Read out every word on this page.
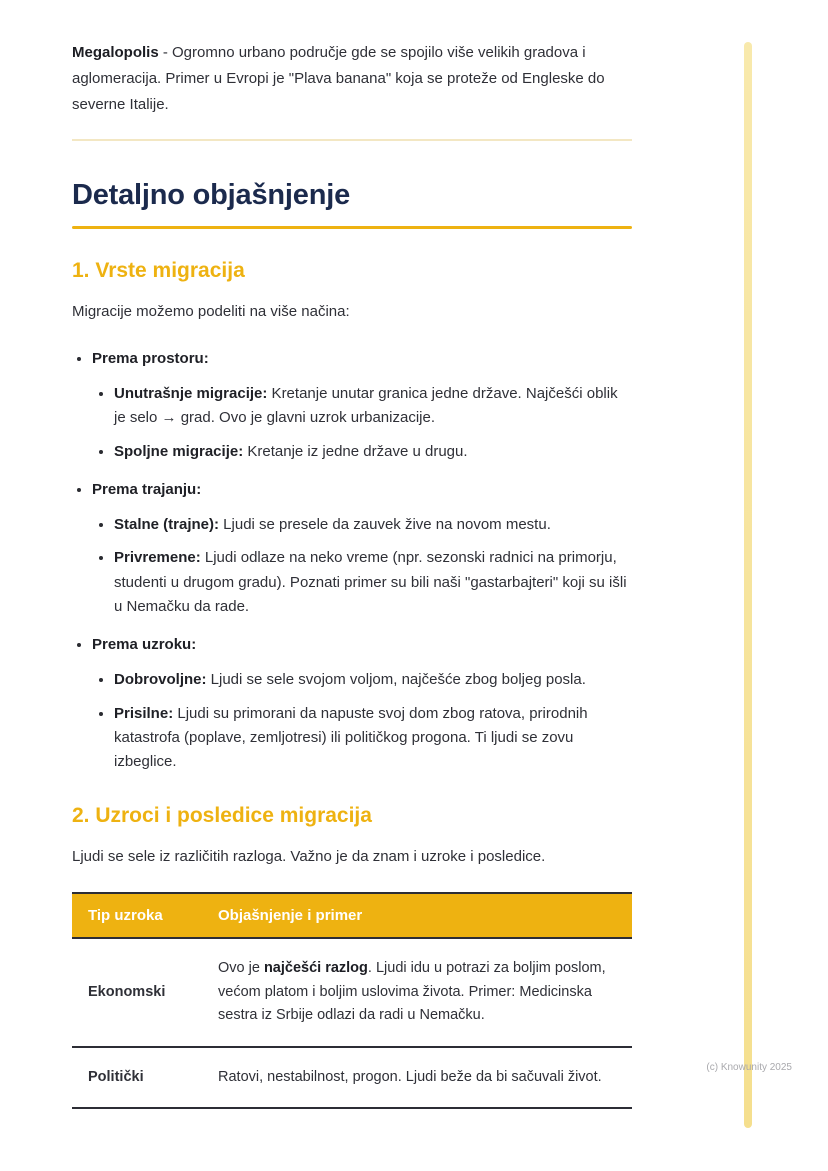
Megalopolis - Ogromno urbano područje gde se spojilo više velikih gradova i aglomeracija. Primer u Evropi je "Plava banana" koja se proteže od Engleske do severne Italije.

Detaljno objašnjenje
1. Vrste migracija

Migracije možemo podeliti na više načina:

• Prema prostoru:
• Unutrašnje migracije: Kretanje unutar granica jedne države. Najčešći oblik je selo → grad. Ovo je glavni uzrok urbanizacije.
• Spoljne migracije: Kretanje iz jedne države u drugu.
• Prema trajanju:
• Stalne (trajne): Ljudi se presele da zauvek žive na novom mestu.
• Privremene: Ljudi odlaze na neko vreme (npr. sezonski radnici na primorju, studenti u drugom gradu). Poznati primer su bili naši "gastarbajteri" koji su išli u Nemačku da rade.
• Prema uzroku:
• Dobrovoljne: Ljudi se sele svojom voljom, najčešće zbog boljeg posla.
• Prisilne: Ljudi su primorani da napuste svoj dom zbog ratova, prirodnih katastrofa (poplave, zemljotresi) ili političkog progona. Ti ljudi se zovu izbeglice.
2. Uzroci i posledice migracija

Ljudi se sele iz različitih razloga. Važno je da znam i uzroke i posledice.

Tip uzroka	Objašnjenje i primer
Ekonomski	Ovo je najčešći razlog. Ljudi idu u potrazi za boljim poslom, većom platom i boljim uslovima života. Primer: Medicinska sestra iz Srbije odlazi da radi u Nemačku.
Politički	Ratovi, nestabilnost, progon. Ljudi beže da bi sačuvali život.
(c) Knowunity 2025
